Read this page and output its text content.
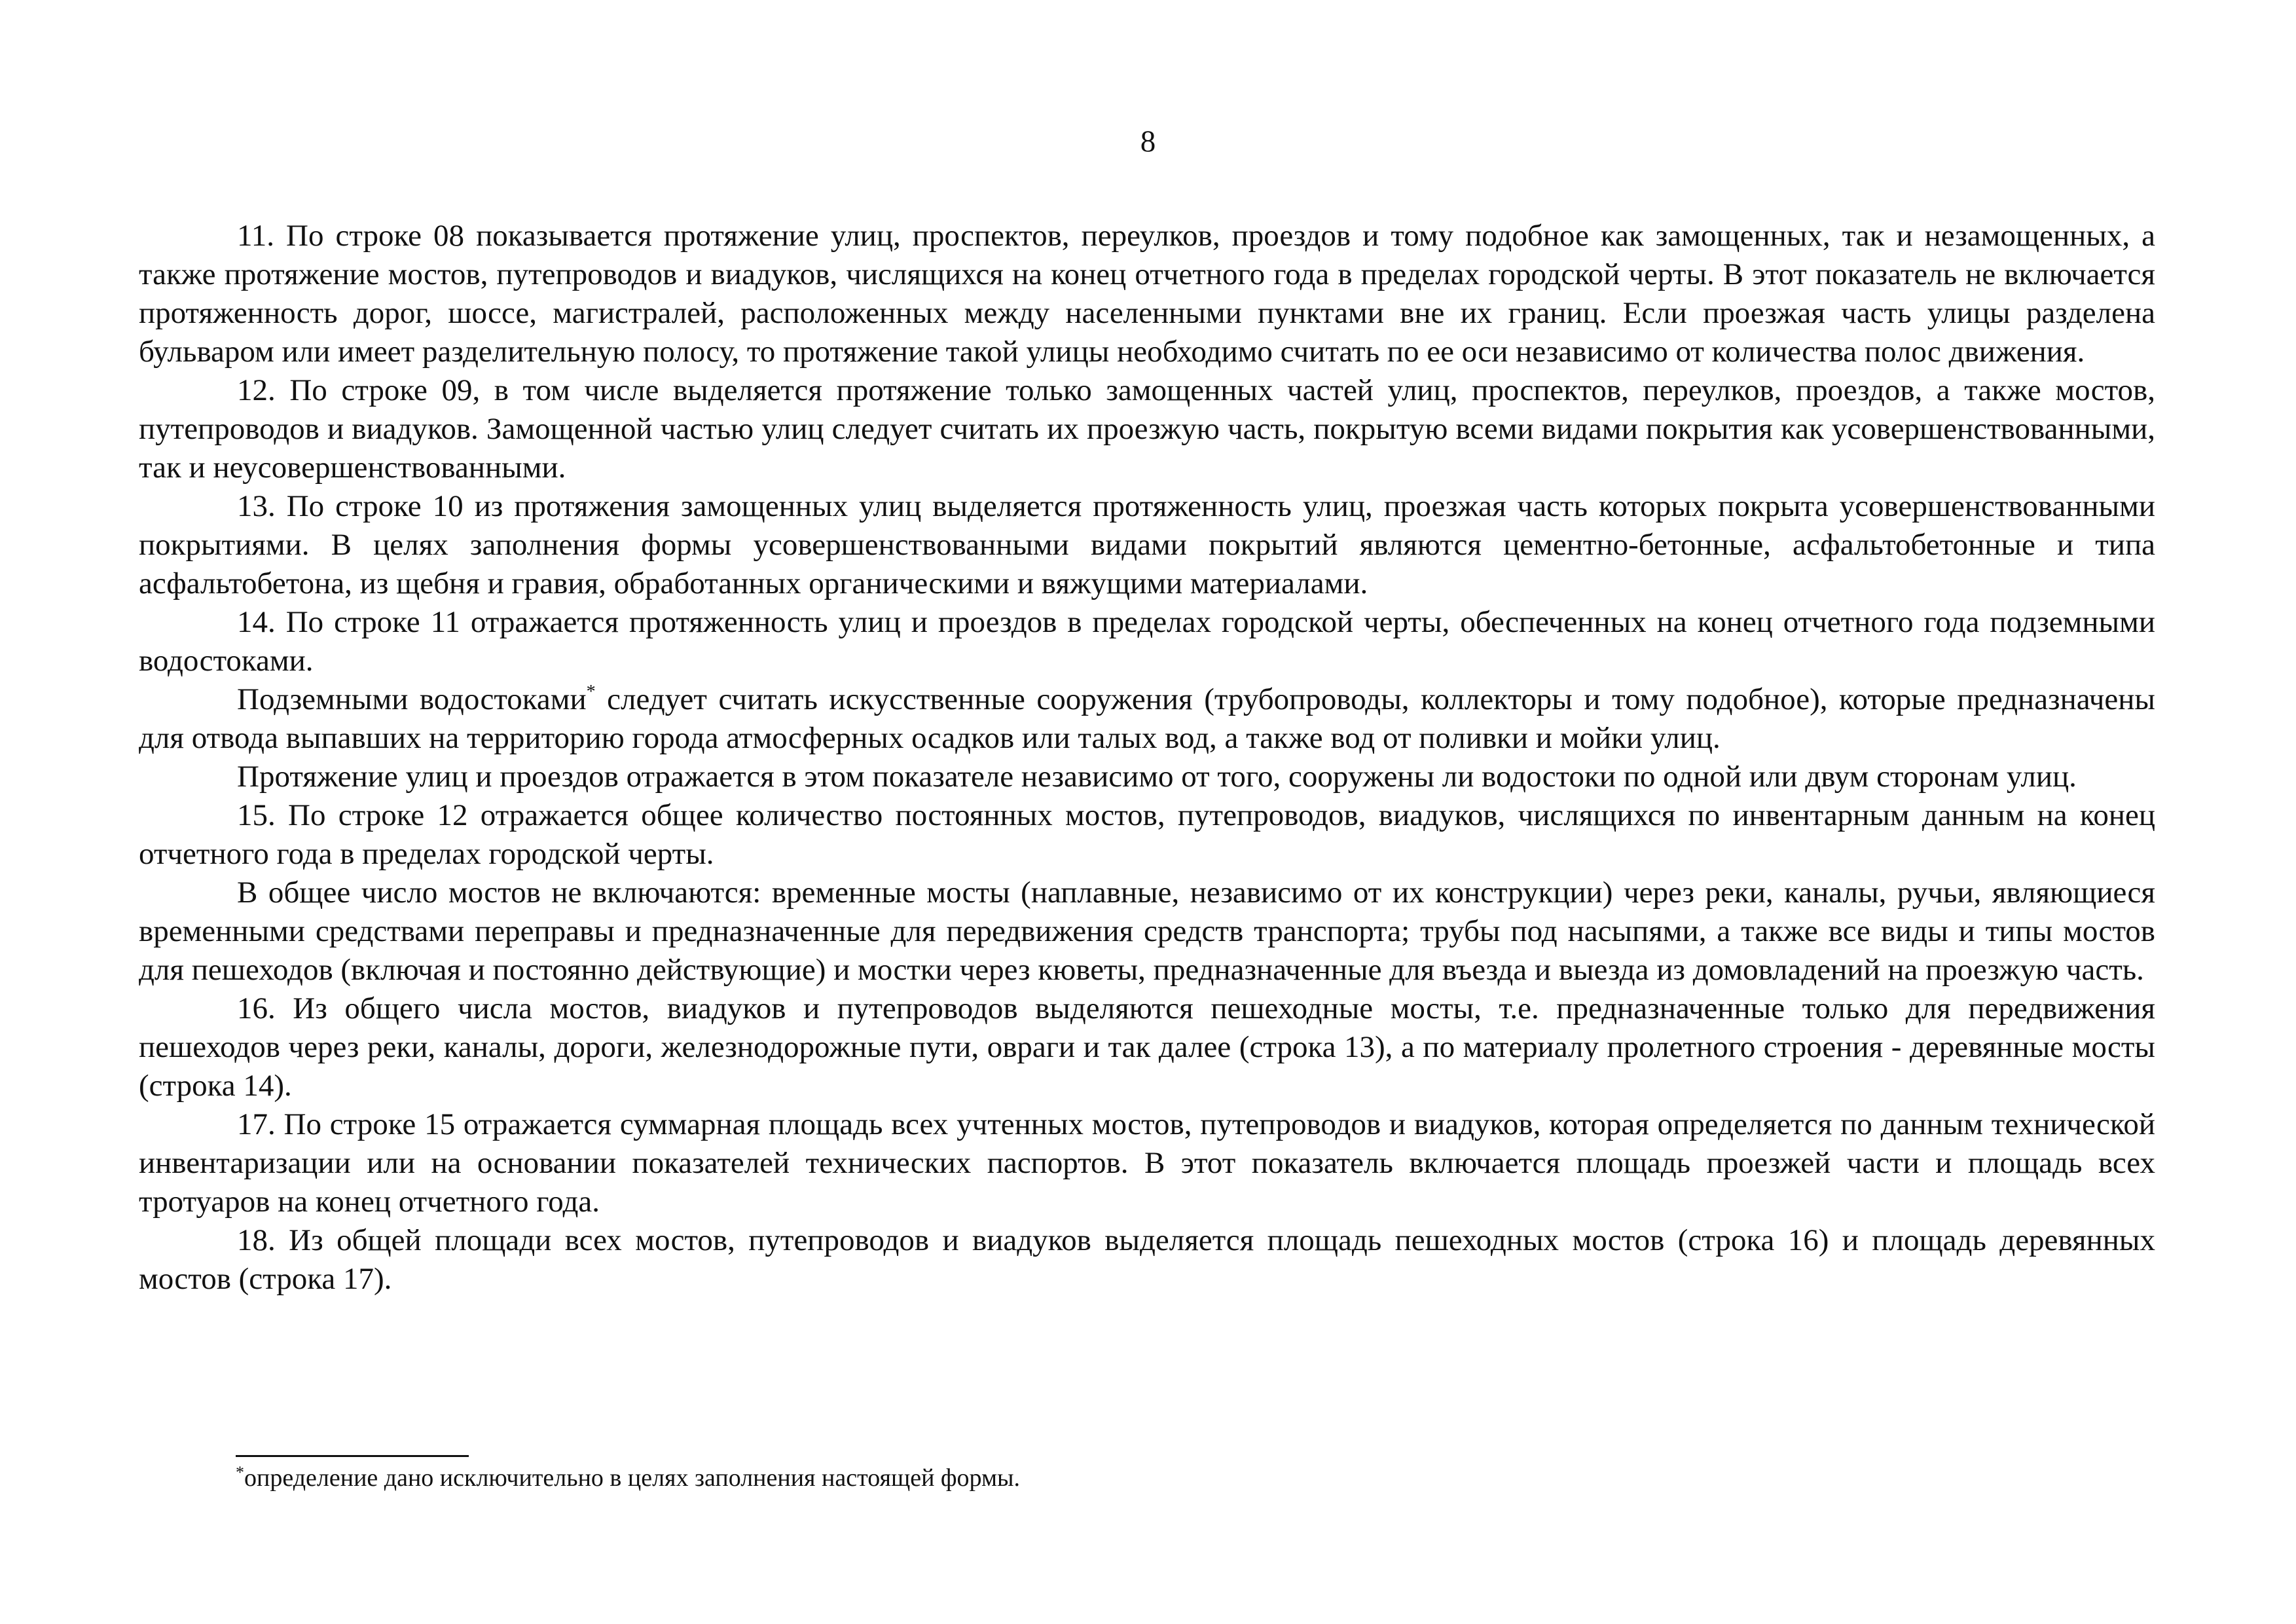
8

11. По строке 08 показывается протяжение улиц, проспектов, переулков, проездов и тому подобное как замощенных, так и незамощенных, а также протяжение мостов, путепроводов и виадуков, числящихся на конец отчетного года в пределах городской черты. В этот показатель не включается протяженность дорог, шоссе, магистралей, расположенных между населенными пунктами вне их границ. Если проезжая часть улицы разделена бульваром или имеет разделительную полосу, то протяжение такой улицы необходимо считать по ее оси независимо от количества полос движения.

12. По строке 09, в том числе выделяется протяжение только замощенных частей улиц, проспектов, переулков, проездов, а также мостов, путепроводов и виадуков. Замощенной частью улиц следует считать их проезжую часть, покрытую всеми видами покрытия как усовершенствованными, так и неусовершенствованными.

13. По строке 10 из протяжения замощенных улиц выделяется протяженность улиц, проезжая часть которых покрыта усовершенствованными покрытиями. В целях заполнения формы усовершенствованными видами покрытий являются цементно-бетонные, асфальтобетонные и типа асфальтобетона, из щебня и гравия, обработанных органическими и вяжущими материалами.

14. По строке 11 отражается протяженность улиц и проездов в пределах городской черты, обеспеченных на конец отчетного года подземными водостоками.

Подземными водостоками* следует считать искусственные сооружения (трубопроводы, коллекторы и тому подобное), которые предназначены для отвода выпавших на территорию города атмосферных осадков или талых вод, а также вод от поливки и мойки улиц.

Протяжение улиц и проездов отражается в этом показателе независимо от того, сооружены ли водостоки по одной или двум сторонам улиц.

15. По строке 12 отражается общее количество постоянных мостов, путепроводов, виадуков, числящихся по инвентарным данным на конец отчетного года в пределах городской черты.

В общее число мостов не включаются: временные мосты (наплавные, независимо от их конструкции) через реки, каналы, ручьи, являющиеся временными средствами переправы и предназначенные для передвижения средств транспорта; трубы под насыпями, а также все виды и типы мостов для пешеходов (включая и постоянно действующие) и мостки через кюветы, предназначенные для въезда и выезда из домовладений на проезжую часть.

16. Из общего числа мостов, виадуков и путепроводов выделяются пешеходные мосты, т.е. предназначенные только для передвижения пешеходов через реки, каналы, дороги, железнодорожные пути, овраги и так далее (строка 13), а по материалу пролетного строения - деревянные мосты (строка 14).

17. По строке 15 отражается суммарная площадь всех учтенных мостов, путепроводов и виадуков, которая определяется по данным технической инвентаризации или на основании показателей технических паспортов. В этот показатель включается площадь проезжей части и площадь всех тротуаров на конец отчетного года.

18. Из общей площади всех мостов, путепроводов и виадуков выделяется площадь пешеходных мостов (строка 16) и площадь деревянных мостов (строка 17).

*определение дано исключительно в целях заполнения настоящей формы.
